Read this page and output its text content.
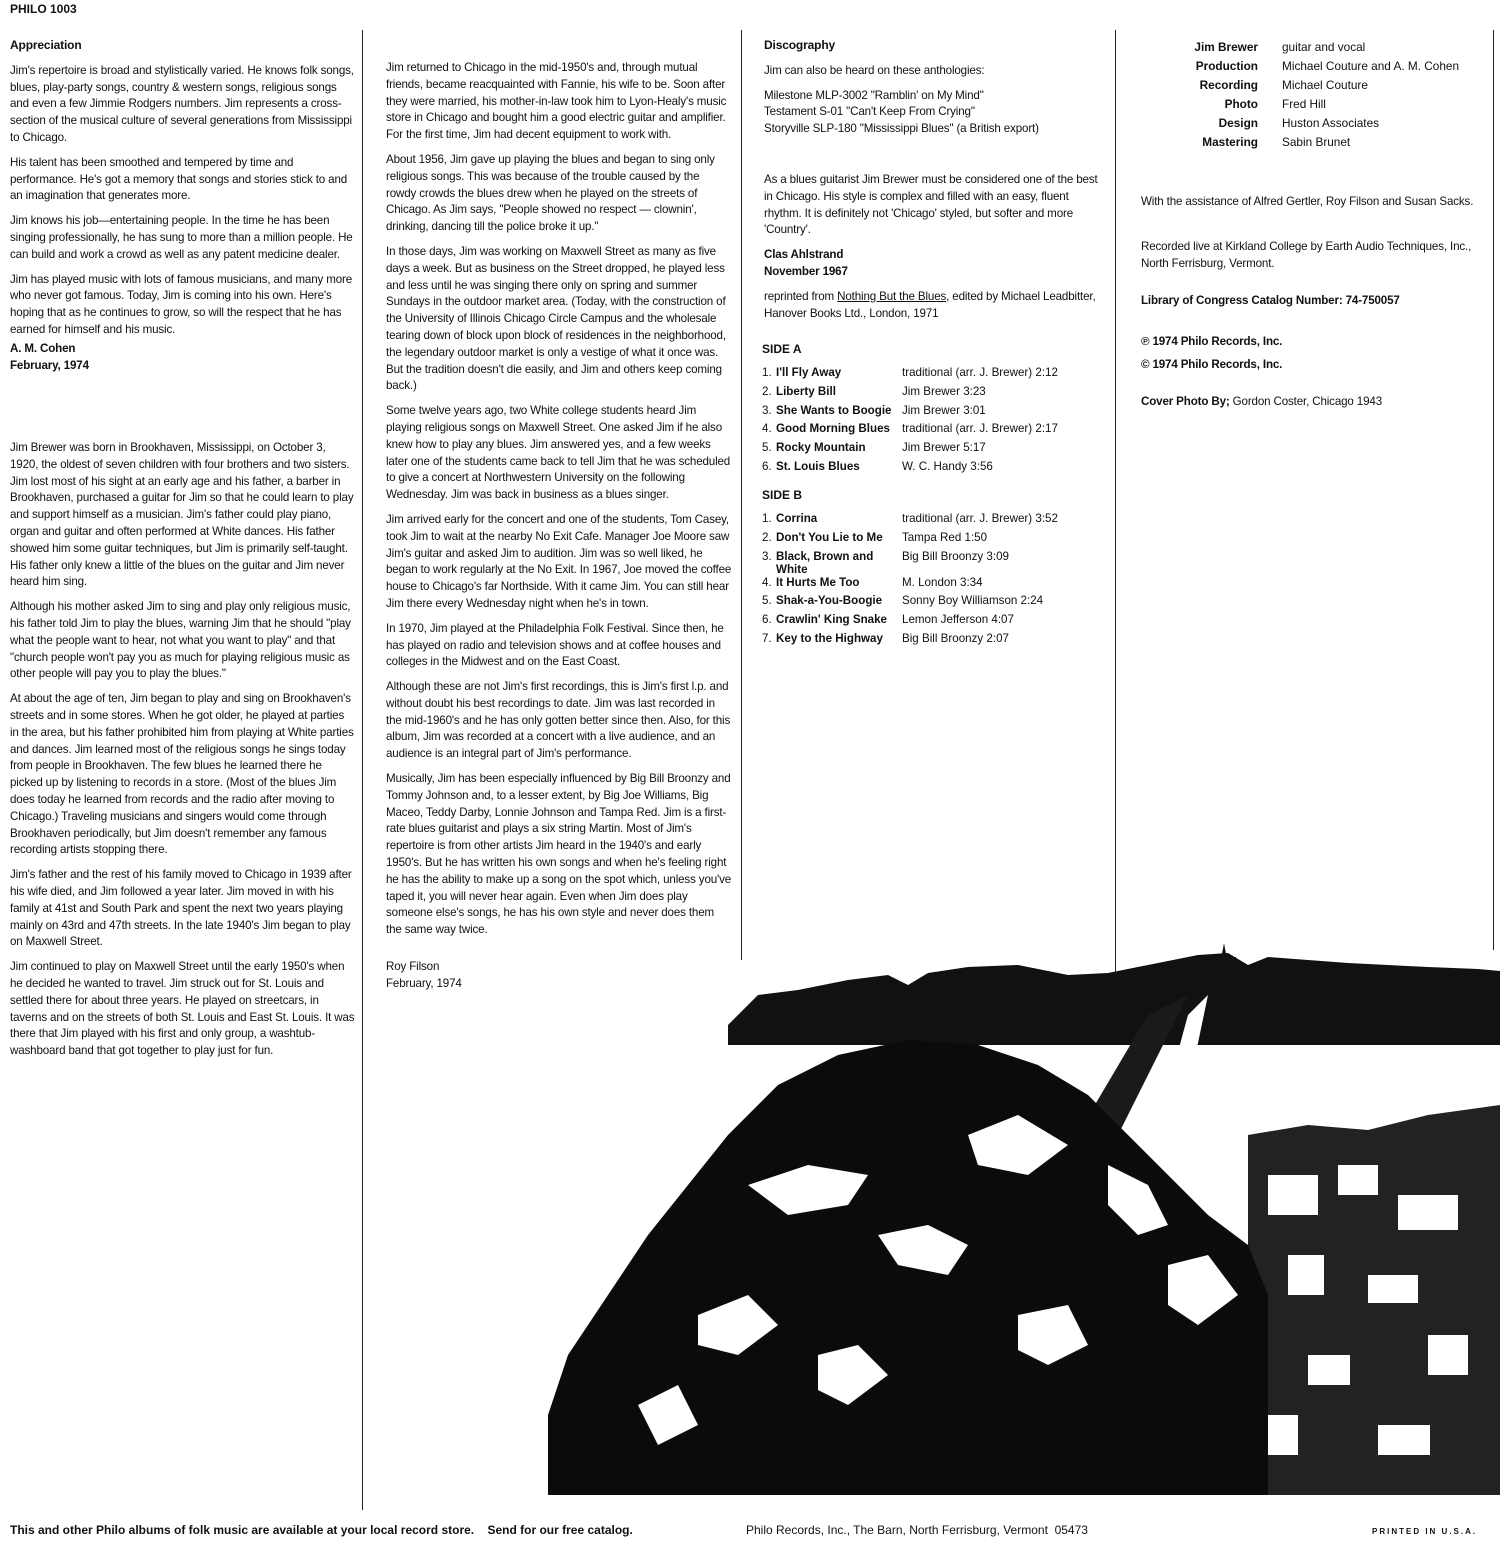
PHILO 1003
Appreciation

Jim's repertoire is broad and stylistically varied. He knows folk songs, blues, play-party songs, country & western songs, religious songs and even a few Jimmie Rodgers numbers. Jim represents a cross-section of the musical culture of several generations from Mississippi to Chicago.

His talent has been smoothed and tempered by time and performance. He's got a memory that songs and stories stick to and an imagination that generates more.

Jim knows his job—entertaining people. In the time he has been singing professionally, he has sung to more than a million people. He can build and work a crowd as well as any patent medicine dealer.

Jim has played music with lots of famous musicians, and many more who never got famous. Today, Jim is coming into his own. Here's hoping that as he continues to grow, so will the respect that he has earned for himself and his music.

A. M. Cohen
February, 1974

Jim Brewer was born in Brookhaven, Mississippi, on October 3, 1920, the oldest of seven children with four brothers and two sisters. Jim lost most of his sight at an early age and his father, a barber in Brookhaven, purchased a guitar for Jim so that he could learn to play and support himself as a musician. Jim's father could play piano, organ and guitar and often performed at White dances. His father showed him some guitar techniques, but Jim is primarily self-taught. His father only knew a little of the blues on the guitar and Jim never heard him sing.

Although his mother asked Jim to sing and play only religious music, his father told Jim to play the blues, warning Jim that he should "play what the people want to hear, not what you want to play" and that "church people won't pay you as much for playing religious music as other people will pay you to play the blues."

At about the age of ten, Jim began to play and sing on Brookhaven's streets and in some stores. When he got older, he played at parties in the area, but his father prohibited him from playing at White parties and dances. Jim learned most of the religious songs he sings today from people in Brookhaven. The few blues he learned there he picked up by listening to records in a store. (Most of the blues Jim does today he learned from records and the radio after moving to Chicago.) Traveling musicians and singers would come through Brookhaven periodically, but Jim doesn't remember any famous recording artists stopping there.

Jim's father and the rest of his family moved to Chicago in 1939 after his wife died, and Jim followed a year later. Jim moved in with his family at 41st and South Park and spent the next two years playing mainly on 43rd and 47th streets. In the late 1940's Jim began to play on Maxwell Street.

Jim continued to play on Maxwell Street until the early 1950's when he decided he wanted to travel. Jim struck out for St. Louis and settled there for about three years. He played on streetcars, in taverns and on the streets of both St. Louis and East St. Louis. It was there that Jim played with his first and only group, a washtub-washboard band that got together to play just for fun.

Jim returned to Chicago in the mid-1950's and, through mutual friends, became reacquainted with Fannie, his wife to be. Soon after they were married, his mother-in-law took him to Lyon-Healy's music store in Chicago and bought him a good electric guitar and amplifier. For the first time, Jim had decent equipment to work with.

About 1956, Jim gave up playing the blues and began to sing only religious songs. This was because of the trouble caused by the rowdy crowds the blues drew when he played on the streets of Chicago. As Jim says, "People showed no respect — clownin', drinking, dancing till the police broke it up."

In those days, Jim was working on Maxwell Street as many as five days a week. But as business on the Street dropped, he played less and less until he was singing there only on spring and summer Sundays in the outdoor market area. (Today, with the construction of the University of Illinois Chicago Circle Campus and the wholesale tearing down of block upon block of residences in the neighborhood, the legendary outdoor market is only a vestige of what it once was. But the tradition doesn't die easily, and Jim and others keep coming back.)

Some twelve years ago, two White college students heard Jim playing religious songs on Maxwell Street. One asked Jim if he also knew how to play any blues. Jim answered yes, and a few weeks later one of the students came back to tell Jim that he was scheduled to give a concert at Northwestern University on the following Wednesday. Jim was back in business as a blues singer.

Jim arrived early for the concert and one of the students, Tom Casey, took Jim to wait at the nearby No Exit Cafe. Manager Joe Moore saw Jim's guitar and asked Jim to audition. Jim was so well liked, he began to work regularly at the No Exit. In 1967, Joe moved the coffee house to Chicago's far Northside. With it came Jim. You can still hear Jim there every Wednesday night when he's in town.

In 1970, Jim played at the Philadelphia Folk Festival. Since then, he has played on radio and television shows and at coffee houses and colleges in the Midwest and on the East Coast.

Although these are not Jim's first recordings, this is Jim's first l.p. and without doubt his best recordings to date. Jim was last recorded in the mid-1960's and he has only gotten better since then. Also, for this album, Jim was recorded at a concert with a live audience, and an audience is an integral part of Jim's performance.

Musically, Jim has been especially influenced by Big Bill Broonzy and Tommy Johnson and, to a lesser extent, by Big Joe Williams, Big Maceo, Teddy Darby, Lonnie Johnson and Tampa Red. Jim is a first-rate blues guitarist and plays a six string Martin. Most of Jim's repertoire is from other artists Jim heard in the 1940's and early 1950's. But he has written his own songs and when he's feeling right he has the ability to make up a song on the spot which, unless you've taped it, you will never hear again. Even when Jim does play someone else's songs, he has his own style and never does them the same way twice.

Roy Filson
February, 1974
Discography

Jim can also be heard on these anthologies:

Milestone MLP-3002 "Ramblin' on My Mind"
Testament S-01 "Can't Keep From Crying"
Storyville SLP-180 "Mississippi Blues" (a British export)

As a blues guitarist Jim Brewer must be considered one of the best in Chicago. His style is complex and filled with an easy, fluent rhythm. It is definitely not 'Chicago' styled, but softer and more 'Country'.

Clas Ahlstrand
November 1967

reprinted from Nothing But the Blues, edited by Michael Leadbitter, Hanover Books Ltd., London, 1971

SIDE A
1.	I'll Fly Away	traditional (arr. J. Brewer) 2:12
2.	Liberty Bill	Jim Brewer 3:23
3.	She Wants to Boogie	Jim Brewer 3:01
4.	Good Morning Blues	traditional (arr. J. Brewer) 2:17
5.	Rocky Mountain	Jim Brewer 5:17
6.	St. Louis Blues	W. C. Handy 3:56
SIDE B
1.	Corrina	traditional (arr. J. Brewer) 3:52
2.	Don't You Lie to Me	Tampa Red 1:50
3.	Black, Brown and White	Big Bill Broonzy 3:09
4.	It Hurts Me Too	M. London 3:34
5.	Shak-a-You-Boogie	Sonny Boy Williamson 2:24
6.	Crawlin' King Snake	Lemon Jefferson 4:07
7.	Key to the Highway	Big Bill Broonzy 2:07
Jim Brewer	guitar and vocal
Production	Michael Couture and A. M. Cohen
Recording	Michael Couture
Photo	Fred Hill
Design	Huston Associates
Mastering	Sabin Brunet

With the assistance of Alfred Gertler, Roy Filson and Susan Sacks.

Recorded live at Kirkland College by Earth Audio Techniques, Inc., North Ferrisburg, Vermont.

Library of Congress Catalog Number: 74-750057

℗ 1974 Philo Records, Inc.

© 1974 Philo Records, Inc.

Cover Photo By; Gordon Coster, Chicago 1943

This and other Philo albums of folk music are available at your local record store.    Send for our free catalog.	Philo Records, Inc., The Barn, North Ferrisburg, Vermont  05473	PRINTED IN U.S.A.
